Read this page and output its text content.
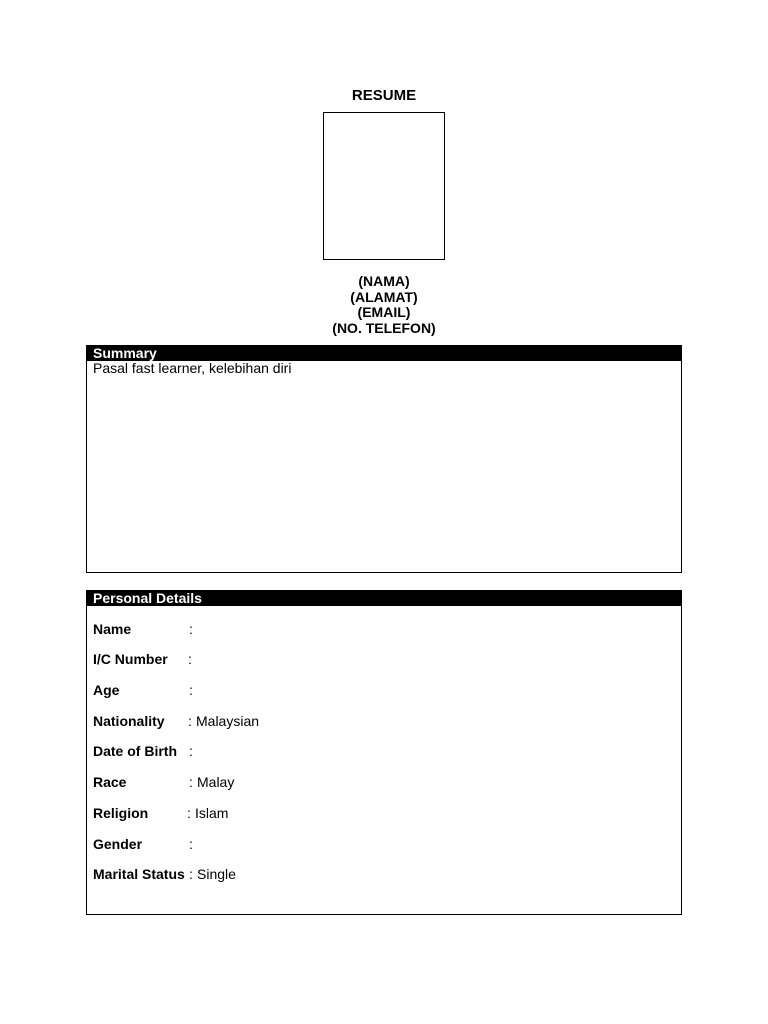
RESUME
(NAMA)
(ALAMAT)
(EMAIL)
(NO. TELEFON)
Summary
Pasal fast learner, kelebihan diri
Personal Details
Name	:
I/C Number :
Age	:
Nationality : Malaysian
Date of Birth :
Race	: Malay
Religion	: Islam
Gender	:
Marital Status : Single
